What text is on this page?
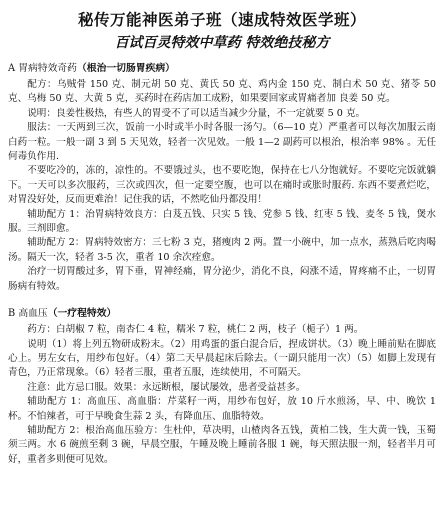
秘传万能神医弟子班（速成特效医学班）
百试百灵特效中草药 特效绝技秘方
A 胃病特效奇药（根治一切肠胃疾病）

配方：乌贼骨 150 克、制元胡 50 克、黄氏 50 克、鸡内金 150 克、制白术 50 克、猪苓 50 克、乌梅 50 克、大黄 5 克，买药时在药店加工成粉，如果要回家或胃痛者加 良姜 50 克。

说明：良姜性极热，有些人的胃受不了可以适当减少分量，不一定就要 5 0 克。

服法：一天两到三次，饭前一小时或半小时各服一汤勺。（6—10 克）严重者可以每次加服云南白药一粒。一般一副 3 到 5 天见效，轻者一次见效。一般 1—2 副药可以根治，根治率 98% 。无任何毒负作用.

不要吃冷的，冻的，凉性的。不要饿过头，也不要吃饱，保持在七八分饱就好。不要吃完饭就躺下。一天可以多次服药，三次或四次，但一定要空腹，也可以在痛时或胀时服药. 东西不要煮烂吃，对胃没好处，反而更难治！记住我的话，不然吃仙丹都没用！

辅助配方 1：治胃病特效良方：白芨五钱、只实 5 钱、党参 5 钱、红枣 5 钱、麦冬 5 钱，煲水服。三剂即愈。

辅助配方 2：胃病特效密方：三七粉 3 克，猪瘦肉 2 两。置一小碗中，加一点水，蒸熟后吃肉喝汤。隔天一次，轻者 3-5 次，重者 10 余次痊愈。

治疗一切胃酸过多，胃下垂，胃神经痛，胃分泌少，消化不良，闷涨不适，胃疼痛不止，一切胃肠病有特效。

B 高血压（一疗程特效）

药方：白胡椒 7 粒，南杏仁 4 粒，糯米 7 粒，桃仁 2 两，枝子（栀子）1 两。

说明（1）将上列五物研成粉末。（2）用鸡蛋的蛋白混合后，捏成饼状。（3）晚上睡前贴在脚底心上。男左女右，用纱布包好。（4）第二天早晨起床后除去。（一副只能用一次）（5）如脚上发现有青色，乃正常现象。（6）轻者三服，重者五服，连续使用，不可隔天。

注意：此方忌口服。效果：永远断根，屡试屡效，患者受益甚多。

辅助配方 1：高血压、高血脂：芹菜籽一两，用纱布包好，放 10 斤水煎汤，早、中、晚饮 1 杯。不怕辣者，可于早晚食生蒜 2 头，有降血压、血脂特效。

辅助配方 2：根治高血压验方：生杜仲，草决明，山楂肉各五钱，黄柏二钱，生大黄一钱，玉蜀须三两。水 6 碗煎至剩 3 碗，早晨空服，午睡及晚上睡前各服 1 碗，每天照法服一剂，轻者半月可好，重者多则便可见效。
